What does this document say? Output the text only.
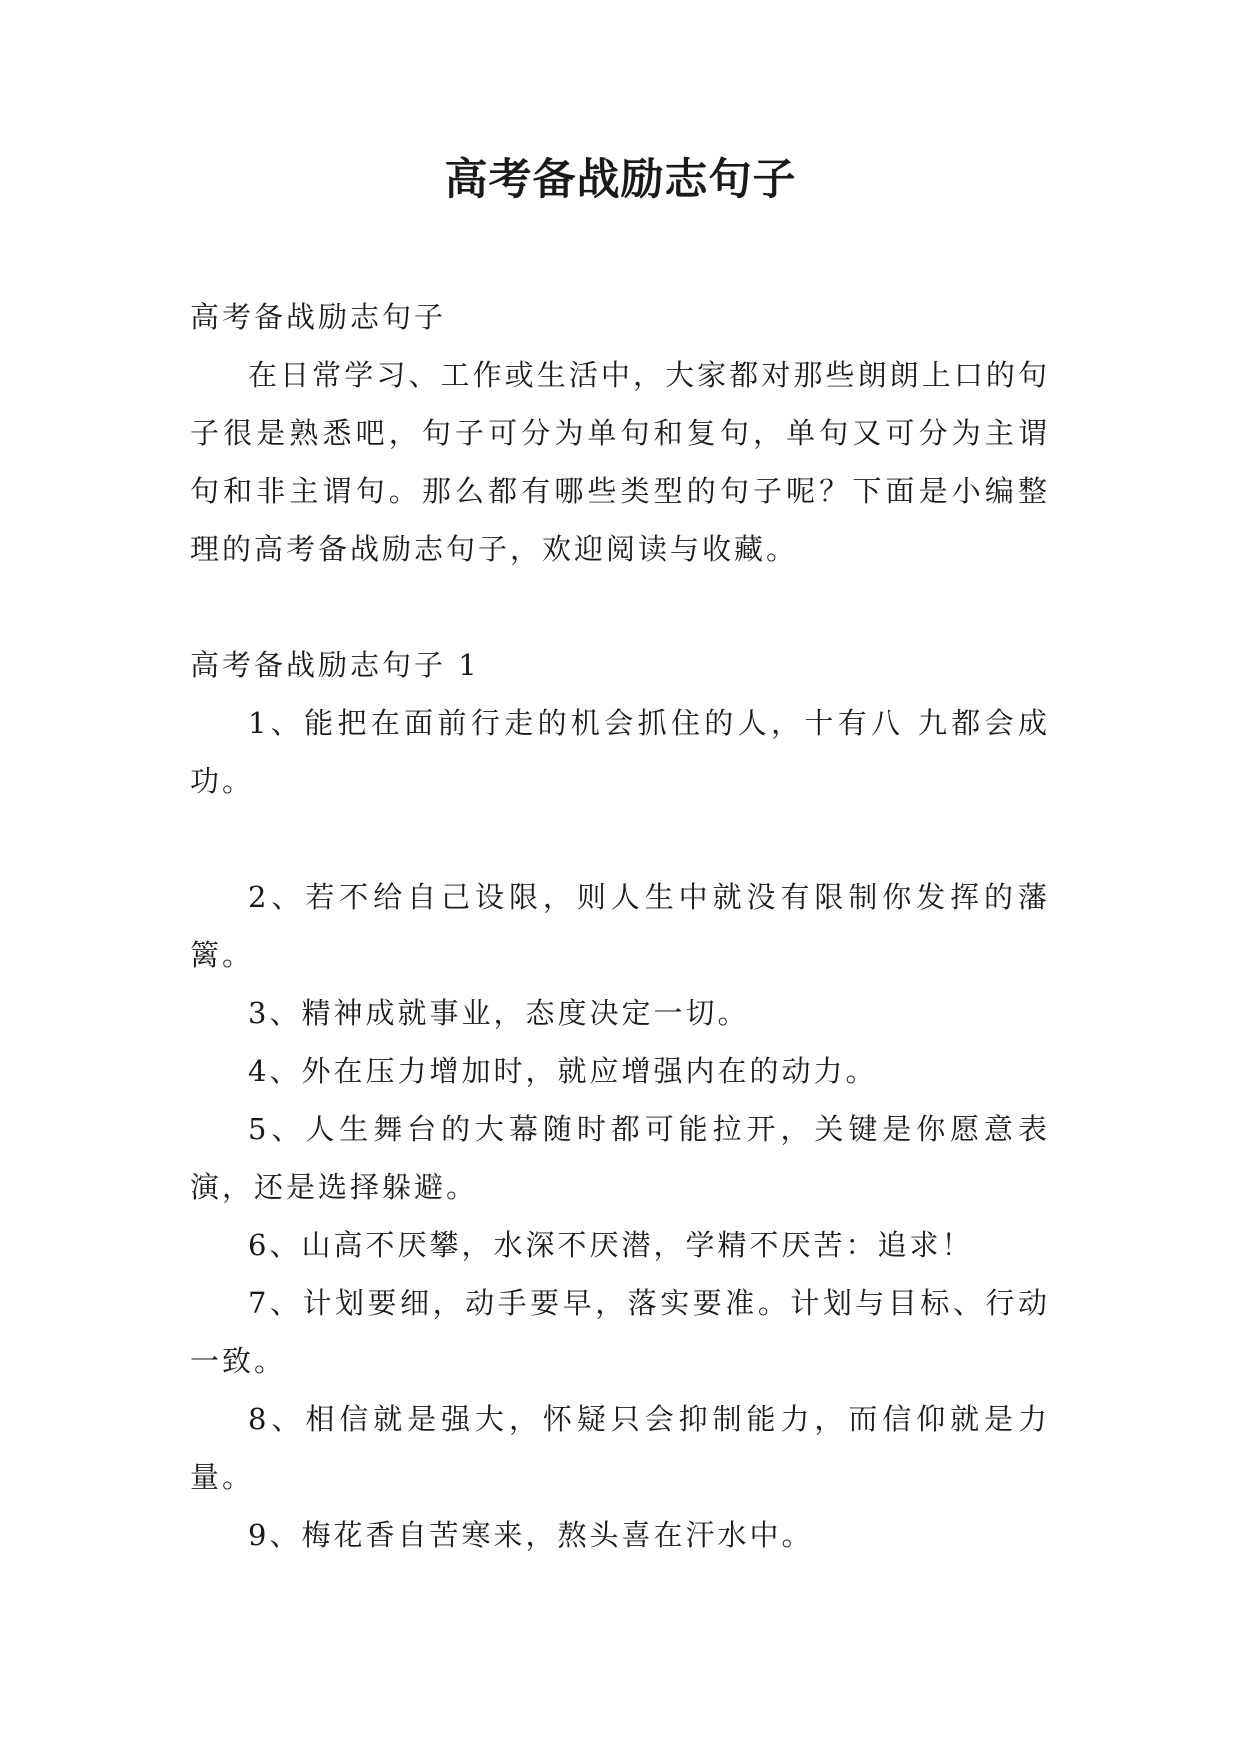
高考备战励志句子

高考备战励志句子

在日常学习、工作或生活中，大家都对那些朗朗上口的句子很是熟悉吧，句子可分为单句和复句，单句又可分为主谓句和非主谓句。那么都有哪些类型的句子呢？下面是小编整理的高考备战励志句子，欢迎阅读与收藏。

高考备战励志句子 1

1、能把在面前行走的机会抓住的人，十有八 九都会成功。

2、若不给自己设限，则人生中就没有限制你发挥的藩篱。

3、精神成就事业，态度决定一切。

4、外在压力增加时，就应增强内在的动力。

5、人生舞台的大幕随时都可能拉开，关键是你愿意表演，还是选择躲避。

6、山高不厌攀，水深不厌潜，学精不厌苦：追求！

7、计划要细，动手要早，落实要准。计划与目标、行动一致。

8、相信就是强大，怀疑只会抑制能力，而信仰就是力量。

9、梅花香自苦寒来，熬头喜在汗水中。
